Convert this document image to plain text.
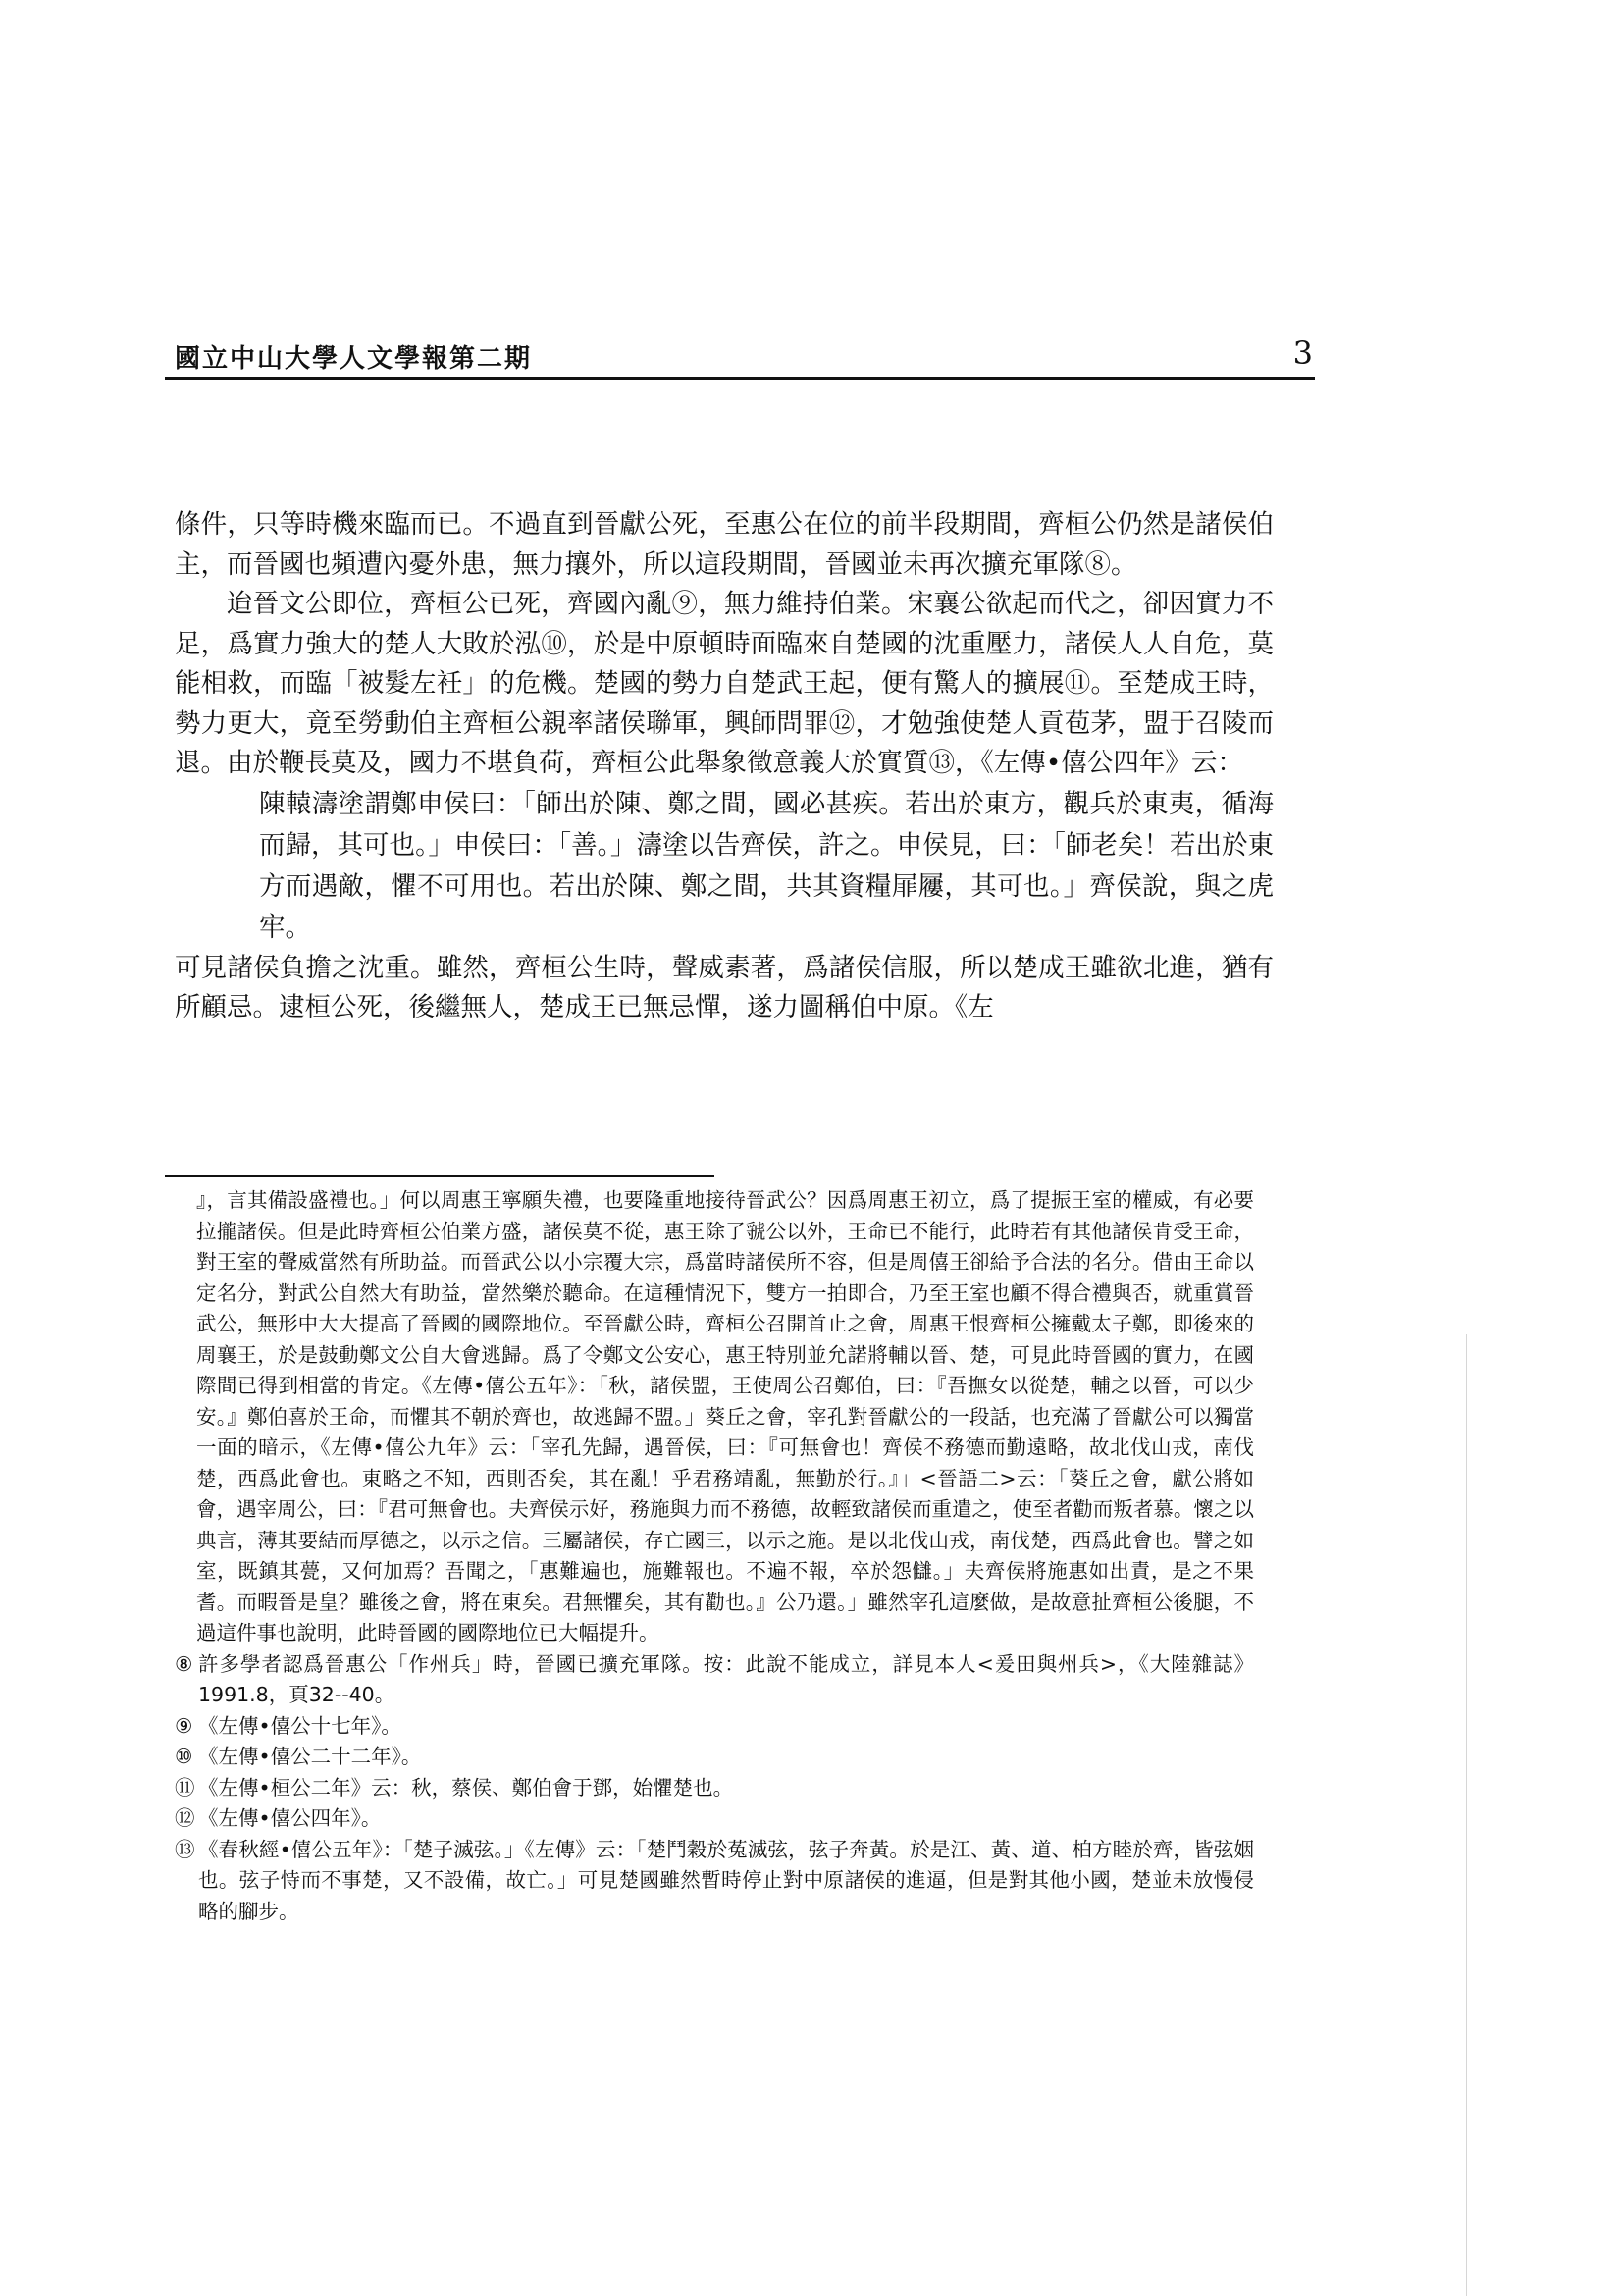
國立中山大學人文學報第二期	3

條件，只等時機來臨而已。不過直到晉獻公死，至惠公在位的前半段期間，齊桓公仍然是諸侯伯主，而晉國也頻遭內憂外患，無力攘外，所以這段期間，晉國並未再次擴充軍隊⑧。

迨晉文公即位，齊桓公已死，齊國內亂⑨，無力維持伯業。宋襄公欲起而代之，卻因實力不足，爲實力強大的楚人大敗於泓⑩，於是中原頓時面臨來自楚國的沈重壓力，諸侯人人自危，莫能相救，而臨「被髮左衽」的危機。楚國的勢力自楚武王起，便有驚人的擴展⑪。至楚成王時，勢力更大，竟至勞動伯主齊桓公親率諸侯聯軍，興師問罪⑫，才勉強使楚人貢苞茅，盟于召陵而退。由於鞭長莫及，國力不堪負荷，齊桓公此舉象徵意義大於實質⑬，《左傳•僖公四年》云：

陳轅濤塗謂鄭申侯曰：「師出於陳、鄭之間，國必甚疾。若出於東方，觀兵於東夷，循海而歸，其可也。」申侯曰：「善。」濤塗以告齊侯，許之。申侯見，曰：「師老矣！若出於東方而遇敵，懼不可用也。若出於陳、鄭之間，共其資糧屝屨，其可也。」齊侯說，與之虎牢。

可見諸侯負擔之沈重。雖然，齊桓公生時，聲威素著，爲諸侯信服，所以楚成王雖欲北進，猶有所顧忌。逮桓公死，後繼無人，楚成王已無忌憚，遂力圖稱伯中原。《左

』，言其備設盛禮也。」何以周惠王寧願失禮，也要隆重地接待晉武公？因爲周惠王初立，爲了提振王室的權威，有必要拉攏諸侯。但是此時齊桓公伯業方盛，諸侯莫不從，惠王除了虢公以外，王命已不能行，此時若有其他諸侯肯受王命，對王室的聲威當然有所助益。而晉武公以小宗覆大宗，爲當時諸侯所不容，但是周僖王卻給予合法的名分。借由王命以定名分，對武公自然大有助益，當然樂於聽命。在這種情況下，雙方一拍即合，乃至王室也顧不得合禮與否，就重賞晉武公，無形中大大提高了晉國的國際地位。至晉獻公時，齊桓公召開首止之會，周惠王恨齊桓公擁戴太子鄭，即後來的周襄王，於是鼓動鄭文公自大會逃歸。爲了令鄭文公安心，惠王特別並允諾將輔以晉、楚，可見此時晉國的實力，在國際間已得到相當的肯定。《左傳•僖公五年》：「秋，諸侯盟，王使周公召鄭伯，曰：『吾撫女以從楚，輔之以晉，可以少安。』鄭伯喜於王命，而懼其不朝於齊也，故逃歸不盟。」葵丘之會，宰孔對晉獻公的一段話，也充滿了晉獻公可以獨當一面的暗示，《左傳•僖公九年》云：「宰孔先歸，遇晉侯，曰：『可無會也！齊侯不務德而勤遠略，故北伐山戎，南伐楚，西爲此會也。東略之不知，西則否矣，其在亂！乎君務靖亂，無勤於行。』」<晉語二>云：「葵丘之會，獻公將如會，遇宰周公，曰：『君可無會也。夫齊侯示好，務施與力而不務德，故輕致諸侯而重遣之，使至者勸而叛者慕。懷之以典言，薄其要結而厚德之，以示之信。三屬諸侯，存亡國三，以示之施。是以北伐山戎，南伐楚，西爲此會也。譬之如室，既鎮其甍，又何加焉？吾聞之，「惠難遍也，施難報也。不遍不報，卒於怨讎。」夫齊侯將施惠如出責，是之不果耆。而暇晉是皇？雖後之會，將在東矣。君無懼矣，其有勸也。』公乃還。」雖然宰孔這麼做，是故意扯齊桓公後腿，不過這件事也說明，此時晉國的國際地位已大幅提升。

⑧ 許多學者認爲晉惠公「作州兵」時，晉國已擴充軍隊。按：此說不能成立，詳見本人<爰田與州兵>，《大陸雜誌》1991.8，頁32--40。
⑨ 《左傳•僖公十七年》。
⑩ 《左傳•僖公二十二年》。
⑪ 《左傳•桓公二年》云：秋，蔡侯、鄭伯會于鄧，始懼楚也。
⑫ 《左傳•僖公四年》。
⑬ 《春秋經•僖公五年》：「楚子滅弦。」《左傳》云：「楚鬥穀於菟滅弦，弦子奔黃。於是江、黃、道、柏方睦於齊，皆弦姻也。弦子恃而不事楚，又不設備，故亡。」可見楚國雖然暫時停止對中原諸侯的進逼，但是對其他小國，楚並未放慢侵略的腳步。
